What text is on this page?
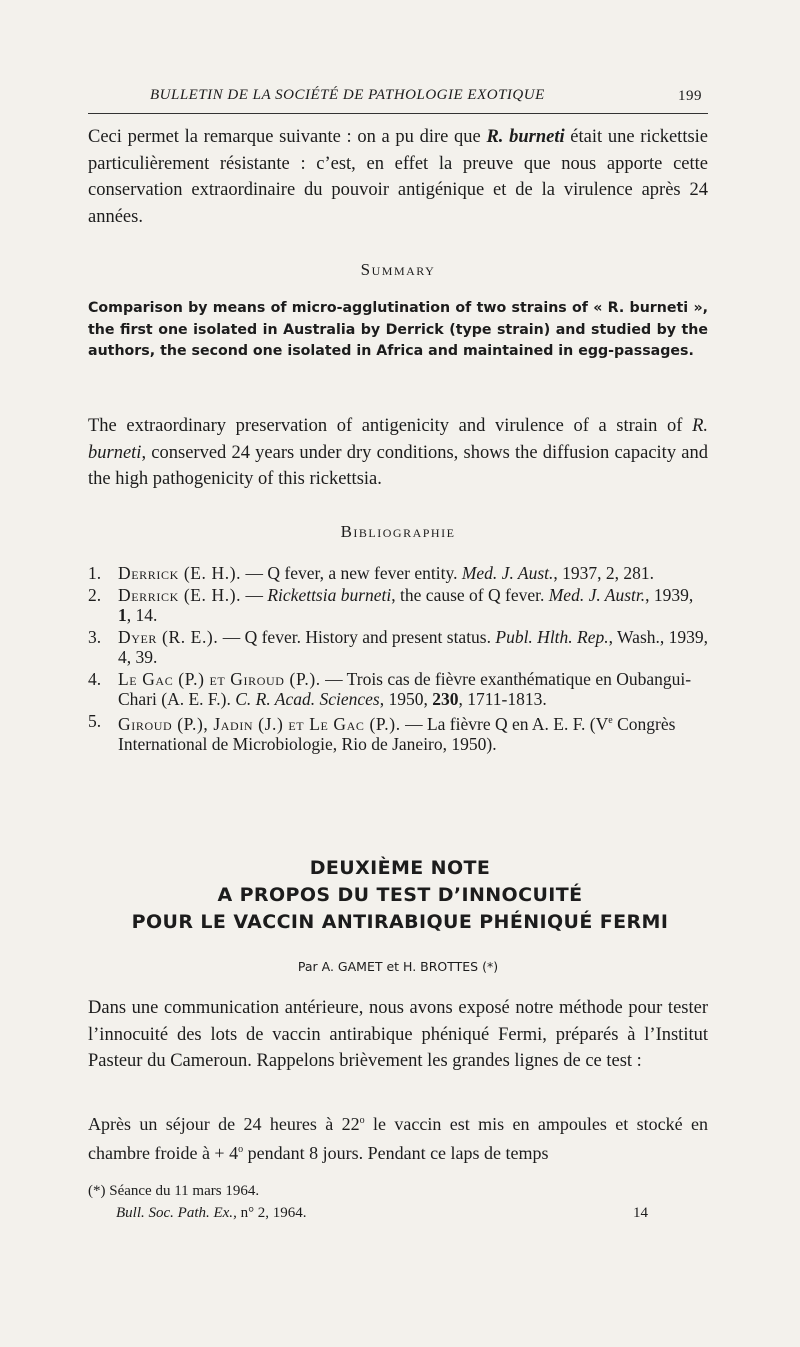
BULLETIN DE LA SOCIÉTÉ DE PATHOLOGIE EXOTIQUE	199
Ceci permet la remarque suivante : on a pu dire que R. burneti était une rickettsie particulièrement résistante : c’est, en effet la preuve que nous apporte cette conservation extraordinaire du pouvoir antigénique et de la virulence après 24 années.
Summary
Comparison by means of micro-agglutination of two strains of « R. burneti », the first one isolated in Australia by Derrick (type strain) and studied by the authors, the second one isolated in Africa and maintained in egg-passages.
The extraordinary preservation of antigenicity and virulence of a strain of R. burneti, conserved 24 years under dry conditions, shows the diffusion capacity and the high pathogenicity of this rickettsia.
Bibliographie
1. Derrick (E. H.). — Q fever, a new fever entity. Med. J. Aust., 1937, 2, 281.
2. Derrick (E. H.). — Rickettsia burneti, the cause of Q fever. Med. J. Austr., 1939, 1, 14.
3. Dyer (R. E.). — Q fever. History and present status. Publ. Hlth. Rep., Wash., 1939, 4, 39.
4. Le Gac (P.) et Giroud (P.). — Trois cas de fièvre exanthématique en Oubangui-Chari (A. E. F.). C. R. Acad. Sciences, 1950, 230, 1711-1813.
5. Giroud (P.), Jadin (J.) et Le Gac (P.). — La fièvre Q en A. E. F. (Ve Congrès International de Microbiologie, Rio de Janeiro, 1950).
DEUXIÈME NOTE
A PROPOS DU TEST D’INNOCUITÉ
POUR LE VACCIN ANTIRABIQUE PHÉNIQUÉ FERMI
Par A. GAMET et H. BROTTES (*)
Dans une communication antérieure, nous avons exposé notre méthode pour tester l’innocuité des lots de vaccin antirabique phéniqué Fermi, préparés à l’Institut Pasteur du Cameroun. Rappelons brièvement les grandes lignes de ce test :
Après un séjour de 24 heures à 22$^o$ le vaccin est mis en ampoules et stocké en chambre froide à + $4^o$ pendant 8 jours. Pendant ce laps de temps
(*) Séance du 11 mars 1964.
Bull. Soc. Path. Ex., n° 2, 1964.	14
